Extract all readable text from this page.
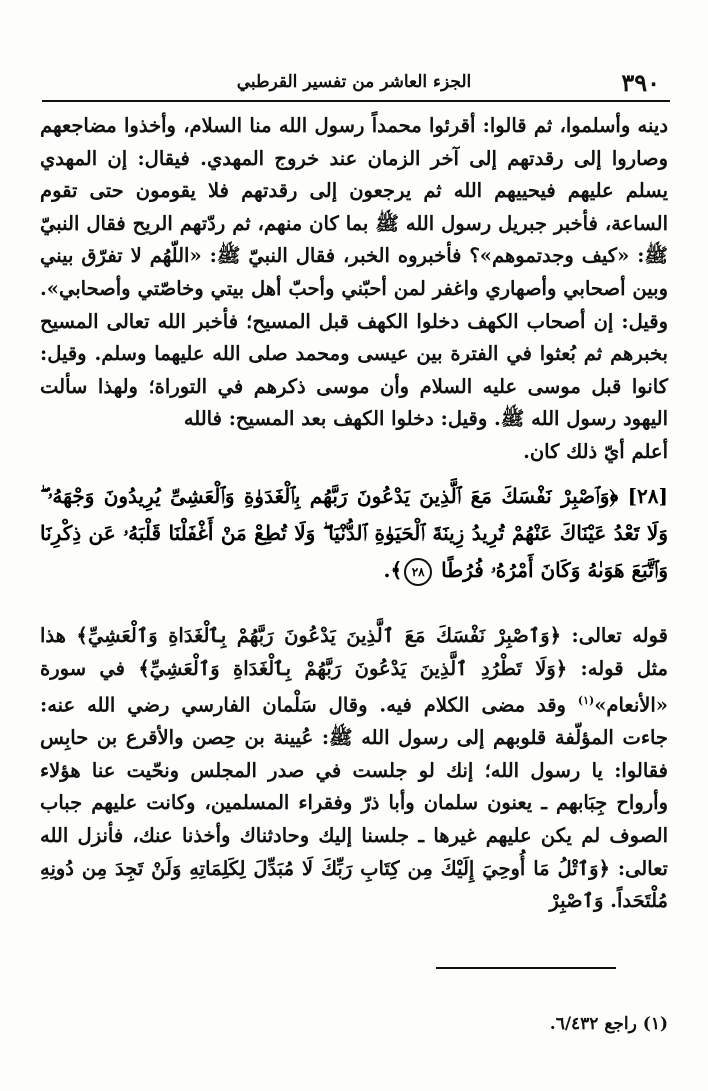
٣٩٠
الجزء العاشر من تفسير القرطبي
دينه وأسلموا، ثم قالوا: أقرئوا محمداً رسول الله منا السلام، وأخذوا مضاجعهم وصاروا إلى رقدتهم إلى آخر الزمان عند خروج المهدي. فيقال: إن المهدي يسلم عليهم فيحييهم الله ثم يرجعون إلى رقدتهم فلا يقومون حتى تقوم الساعة، فأخبر جبريل رسول الله ﷺ بما كان منهم، ثم ردّتهم الريح فقال النبيّ ﷺ: «كيف وجدتموهم»؟ فأخبروه الخبر، فقال النبيّ ﷺ: «اللّهُم لا تفرّق بيني وبين أصحابي وأصهاري واغفر لمن أحبّني وأحبّ أهل بيتي وخاصّتي وأصحابي». وقيل: إن أصحاب الكهف دخلوا الكهف قبل المسيح؛ فأخبر الله تعالى المسيح بخبرهم ثم بُعثوا في الفترة بين عيسى ومحمد صلى الله عليهما وسلم. وقيل: كانوا قبل موسى عليه السلام وأن موسى ذكرهم في التوراة؛ ولهذا سألت اليهود رسول الله ﷺ. وقيل: دخلوا الكهف بعد المسيح: فالله
أعلم أيّ ذلك كان.
[٢٨] ﴿وَٱصْبِرْ نَفْسَكَ مَعَ ٱلَّذِينَ يَدْعُونَ رَبَّهُم بِٱلْغَدَوٰةِ وَٱلْعَشِىِّ يُرِيدُونَ وَجْهَهُۥ ۖ وَلَا تَعْدُ عَيْنَاكَ عَنْهُمْ تُرِيدُ زِينَةَ ٱلْحَيَوٰةِ ٱلدُّنْيَا ۖ وَلَا تُطِعْ مَنْ أَغْفَلْنَا قَلْبَهُۥ عَن ذِكْرِنَا وَٱتَّبَعَ هَوَىٰهُ وَكَانَ أَمْرُهُۥ فُرُطًا ٢٨﴾.
قوله تعالى: ﴿وَٱصْبِرْ نَفْسَكَ مَعَ ٱلَّذِينَ يَدْعُونَ رَبَّهُمْ بِٱلْغَدَاةِ وَٱلْعَشِيِّ﴾ هذا مثل قوله: ﴿وَلَا تَطْرُدِ ٱلَّذِينَ يَدْعُونَ رَبَّهُمْ بِٱلْغَدَاةِ وَٱلْعَشِيِّ﴾ في سورة «الأنعام»$^{(١)}$ وقد مضى الكلام فيه. وقال سَلْمان الفارسي رضي الله عنه: جاءت المؤلّفة قلوبهم إلى رسول الله ﷺ: عُيينة بن حِصن والأقرع بن حابِس فقالوا: يا رسول الله؛ إنك لو جلست في صدر المجلس ونحّيت عنا هؤلاء وأرواح جِبَابهم ـ يعنون سلمان وأبا ذرّ وفقراء المسلمين، وكانت عليهم جباب الصوف لم يكن عليهم غيرها ـ جلسنا إليك وحادثناك وأخذنا عنك، فأنزل الله تعالى: ﴿وَٱتْلُ مَا أُوحِيَ إِلَيْكَ مِن كِتَابِ رَبِّكَ لَا مُبَدِّلَ لِكَلِمَاتِهِ وَلَنْ تَجِدَ مِن دُونِهِ مُلْتَحَداً. وَٱصْبِرْ
(١) راجع ٦/٤٣٢.
